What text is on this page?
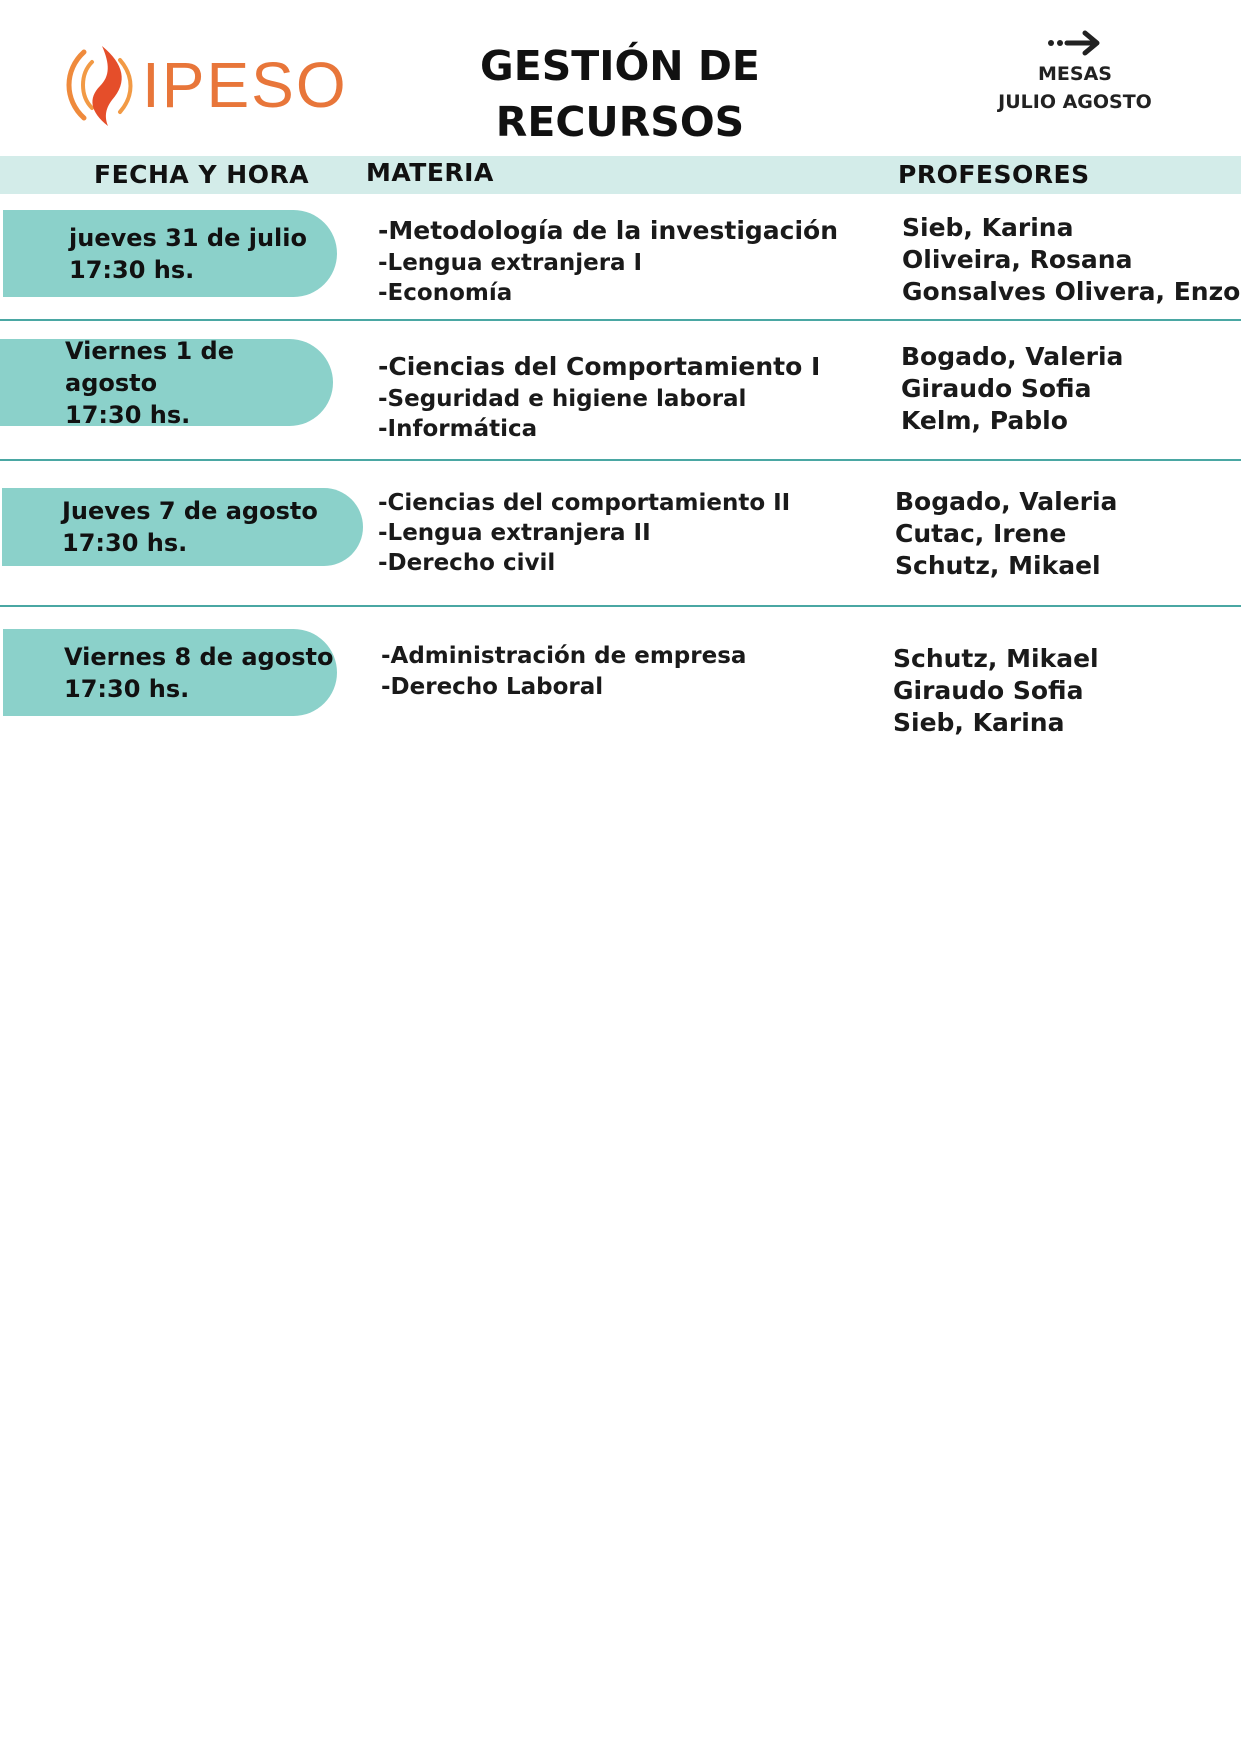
IPESO	GESTIÓN DE
RECURSOS
MESAS
JULIO AGOSTO
FECHA Y HORA MATERIA	PROFESORES
jueves 31 de julio
17:30 hs.
-Metodología de la investigación
-Lengua extranjera I
-Economía
Sieb, Karina
Oliveira, Rosana
Gonsalves Olivera, Enzo
Viernes 1 de agosto
17:30 hs.
-Ciencias del Comportamiento I
-Seguridad e higiene laboral
-Informática
Bogado, Valeria
Giraudo Sofia
Kelm, Pablo
Jueves 7 de agosto
17:30 hs.
-Ciencias del comportamiento II
-Lengua extranjera II
-Derecho civil
Bogado, Valeria
Cutac, Irene
Schutz, Mikael
Viernes 8 de agosto
17:30 hs.
-Administración de empresa
-Derecho Laboral
Schutz, Mikael
Giraudo Sofia
Sieb, Karina
